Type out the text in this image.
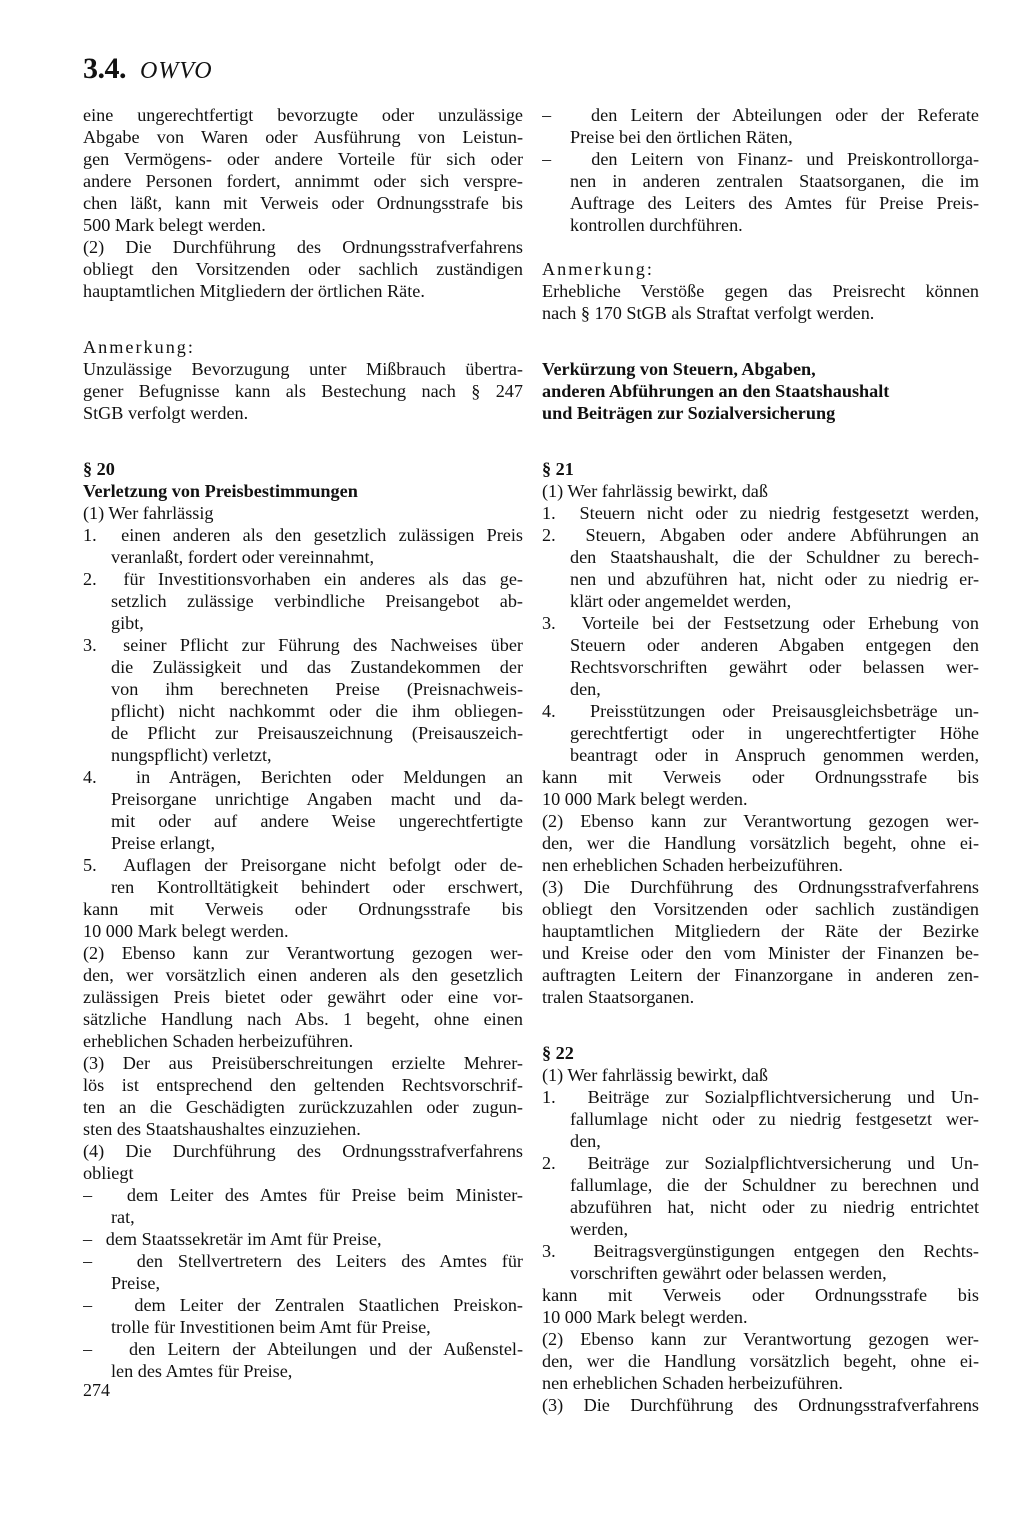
3.4. OWVO
eine ungerechtfertigt bevorzugte oder unzulässige
Abgabe von Waren oder Ausführung von Leistun-
gen Vermögens- oder andere Vorteile für sich oder
andere Personen fordert, annimmt oder sich verspre-
chen läßt, kann mit Verweis oder Ordnungsstrafe bis
500 Mark belegt werden.
(2) Die Durchführung des Ordnungsstrafverfahrens
obliegt den Vorsitzenden oder sachlich zuständigen
hauptamtlichen Mitgliedern der örtlichen Räte.
Anmerkung:
Unzulässige Bevorzugung unter Mißbrauch übertra-
gener Befugnisse kann als Bestechung nach § 247
StGB verfolgt werden.
§ 20
Verletzung von Preisbestimmungen
(1) Wer fahrlässig
1.  einen anderen als den gesetzlich zulässigen Preis
veranlaßt, fordert oder vereinnahmt,
2.  für Investitionsvorhaben ein anderes als das ge-
setzlich zulässige verbindliche Preisangebot ab-
gibt,
3.  seiner Pflicht zur Führung des Nachweises über
die Zulässigkeit und das Zustandekommen der
von ihm berechneten Preise (Preisnachweis-
pflicht) nicht nachkommt oder die ihm obliegen-
de Pflicht zur Preisauszeichnung (Preisauszeich-
nungspflicht) verletzt,
4.  in Anträgen, Berichten oder Meldungen an
Preisorgane unrichtige Angaben macht und da-
mit oder auf andere Weise ungerechtfertigte
Preise erlangt,
5.  Auflagen der Preisorgane nicht befolgt oder de-
ren Kontrolltätigkeit behindert oder erschwert,
kann mit Verweis oder Ordnungsstrafe bis
10 000 Mark belegt werden.
(2) Ebenso kann zur Verantwortung gezogen wer-
den, wer vorsätzlich einen anderen als den gesetzlich
zulässigen Preis bietet oder gewährt oder eine vor-
sätzliche Handlung nach Abs. 1 begeht, ohne einen
erheblichen Schaden herbeizuführen.
(3) Der aus Preisüberschreitungen erzielte Mehrer-
lös ist entsprechend den geltenden Rechtsvorschrif-
ten an die Geschädigten zurückzuzahlen oder zugun-
sten des Staatshaushaltes einzuziehen.
(4) Die Durchführung des Ordnungsstrafverfahrens
obliegt
–   dem Leiter des Amtes für Preise beim Minister-
rat,
–   dem Staatssekretär im Amt für Preise,
–   den Stellvertretern des Leiters des Amtes für
Preise,
–   dem Leiter der Zentralen Staatlichen Preiskon-
trolle für Investitionen beim Amt für Preise,
–   den Leitern der Abteilungen und der Außenstel-
len des Amtes für Preise,
–   den Leitern der Abteilungen oder der Referate
Preise bei den örtlichen Räten,
–   den Leitern von Finanz- und Preiskontrollorga-
nen in anderen zentralen Staatsorganen, die im
Auftrage des Leiters des Amtes für Preise Preis-
kontrollen durchführen.
Anmerkung:
Erhebliche Verstöße gegen das Preisrecht können
nach § 170 StGB als Straftat verfolgt werden.
Verkürzung von Steuern, Abgaben,
anderen Abführungen an den Staatshaushalt
und Beiträgen zur Sozialversicherung
§ 21
(1) Wer fahrlässig bewirkt, daß
1.  Steuern nicht oder zu niedrig festgesetzt werden,
2.  Steuern, Abgaben oder andere Abführungen an
den Staatshaushalt, die der Schuldner zu berech-
nen und abzuführen hat, nicht oder zu niedrig er-
klärt oder angemeldet werden,
3.  Vorteile bei der Festsetzung oder Erhebung von
Steuern oder anderen Abgaben entgegen den
Rechtsvorschriften gewährt oder belassen wer-
den,
4.  Preisstützungen oder Preisausgleichsbeträge un-
gerechtfertigt oder in ungerechtfertigter Höhe
beantragt oder in Anspruch genommen werden,
kann mit Verweis oder Ordnungsstrafe bis
10 000 Mark belegt werden.
(2) Ebenso kann zur Verantwortung gezogen wer-
den, wer die Handlung vorsätzlich begeht, ohne ei-
nen erheblichen Schaden herbeizuführen.
(3) Die Durchführung des Ordnungsstrafverfahrens
obliegt den Vorsitzenden oder sachlich zuständigen
hauptamtlichen Mitgliedern der Räte der Bezirke
und Kreise oder den vom Minister der Finanzen be-
auftragten Leitern der Finanzorgane in anderen zen-
tralen Staatsorganen.
§ 22
(1) Wer fahrlässig bewirkt, daß
1.  Beiträge zur Sozialpflichtversicherung und Un-
fallumlage nicht oder zu niedrig festgesetzt wer-
den,
2.  Beiträge zur Sozialpflichtversicherung und Un-
fallumlage, die der Schuldner zu berechnen und
abzuführen hat, nicht oder zu niedrig entrichtet
werden,
3.  Beitragsvergünstigungen entgegen den Rechts-
vorschriften gewährt oder belassen werden,
kann mit Verweis oder Ordnungsstrafe bis
10 000 Mark belegt werden.
(2) Ebenso kann zur Verantwortung gezogen wer-
den, wer die Handlung vorsätzlich begeht, ohne ei-
nen erheblichen Schaden herbeizuführen.
(3) Die Durchführung des Ordnungsstrafverfahrens
274
